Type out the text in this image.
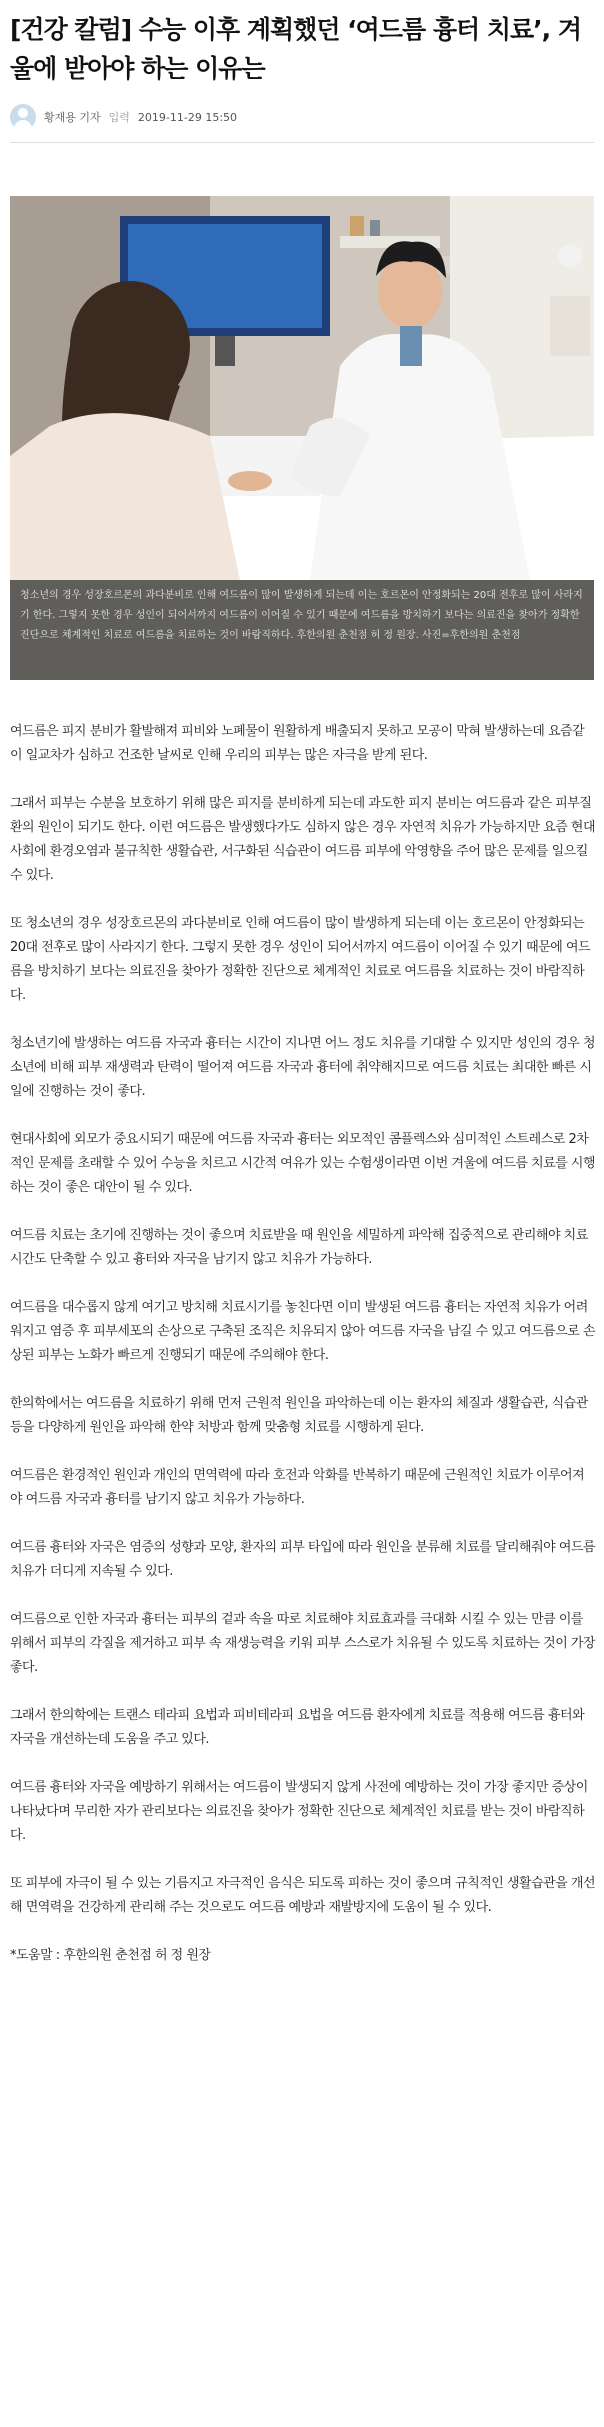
[건강 칼럼] 수능 이후 계획했던 ‘여드름 흉터 치료’, 겨울에 받아야 하는 이유는
황재용 기자 입력 2019-11-29 15:50
청소년의 경우 성장호르몬의 과다분비로 인해 여드름이 많이 발생하게 되는데 이는 호르몬이 안정화되는 20대 전후로 많이 사라지기 한다. 그렇지 못한 경우 성인이 되어서까지 여드름이 이어질 수 있기 때문에 여드름을 방치하기 보다는 의료진을 찾아가 정확한 진단으로 체계적인 치료로 여드름을 치료하는 것이 바람직하다. 후한의원 춘천점 허 정 원장. 사진=후한의원 춘천점

여드름은 피지 분비가 활발해져 피비와 노폐물이 원활하게 배출되지 못하고 모공이 막혀 발생하는데 요즘같이 일교차가 심하고 건조한 날씨로 인해 우리의 피부는 많은 자극을 받게 된다.

그래서 피부는 수분을 보호하기 위해 많은 피지를 분비하게 되는데 과도한 피지 분비는 여드름과 같은 피부질환의 원인이 되기도 한다. 이런 여드름은 발생했다가도 심하지 않은 경우 자연적 치유가 가능하지만 요즘 현대사회에 환경오염과 불규칙한 생활습관, 서구화된 식습관이 여드름 피부에 악영향을 주어 많은 문제를 일으킬 수 있다.

또 청소년의 경우 성장호르몬의 과다분비로 인해 여드름이 많이 발생하게 되는데 이는 호르몬이 안정화되는 20대 전후로 많이 사라지기 한다. 그렇지 못한 경우 성인이 되어서까지 여드름이 이어질 수 있기 때문에 여드름을 방치하기 보다는 의료진을 찾아가 정확한 진단으로 체계적인 치료로 여드름을 치료하는 것이 바람직하다.

청소년기에 발생하는 여드름 자국과 흉터는 시간이 지나면 어느 정도 치유를 기대할 수 있지만 성인의 경우 청소년에 비해 피부 재생력과 탄력이 떨어져 여드름 자국과 흉터에 취약해지므로 여드름 치료는 최대한 빠른 시일에 진행하는 것이 좋다.

현대사회에 외모가 중요시되기 때문에 여드름 자국과 흉터는 외모적인 콤플렉스와 심미적인 스트레스로 2차 적인 문제를 초래할 수 있어 수능을 치르고 시간적 여유가 있는 수험생이라면 이번 겨울에 여드름 치료를 시행하는 것이 좋은 대안이 될 수 있다.

여드름 치료는 초기에 진행하는 것이 좋으며 치료받을 때 원인을 세밀하게 파악해 집중적으로 관리해야 치료시간도 단축할 수 있고 흉터와 자국을 남기지 않고 치유가 가능하다.

여드름을 대수롭지 않게 여기고 방치해 치료시기를 놓친다면 이미 발생된 여드름 흉터는 자연적 치유가 어려워지고 염증 후 피부세포의 손상으로 구축된 조직은 치유되지 않아 여드름 자국을 남길 수 있고 여드름으로 손상된 피부는 노화가 빠르게 진행되기 때문에 주의해야 한다.

한의학에서는 여드름을 치료하기 위해 먼저 근원적 원인을 파악하는데 이는 환자의 체질과 생활습관, 식습관 등을 다양하게 원인을 파악해 한약 처방과 함께 맞춤형 치료를 시행하게 된다.

여드름은 환경적인 원인과 개인의 면역력에 따라 호전과 악화를 반복하기 때문에 근원적인 치료가 이루어져야 여드름 자국과 흉터를 남기지 않고 치유가 가능하다.

여드름 흉터와 자국은 염증의 성향과 모양, 환자의 피부 타입에 따라 원인을 분류해 치료를 달리해줘야 여드름 치유가 더디게 지속될 수 있다.

여드름으로 인한 자국과 흉터는 피부의 겉과 속을 따로 치료해야 치료효과를 극대화 시킬 수 있는 만큼 이를 위해서 피부의 각질을 제거하고 피부 속 재생능력을 키워 피부 스스로가 치유될 수 있도록 치료하는 것이 가장 좋다.

그래서 한의학에는 트랜스 테라피 요법과 피비테라피 요법을 여드름 환자에게 치료를 적용해 여드름 흉터와 자국을 개선하는데 도움을 주고 있다.

여드름 흉터와 자국을 예방하기 위해서는 여드름이 발생되지 않게 사전에 예방하는 것이 가장 좋지만 증상이 나타났다며 무리한 자가 관리보다는 의료진을 찾아가 정확한 진단으로 체계적인 치료를 받는 것이 바람직하다.

또 피부에 자극이 될 수 있는 기름지고 자극적인 음식은 되도록 피하는 것이 좋으며 규칙적인 생활습관을 개선해 면역력을 건강하게 관리해 주는 것으로도 여드름 예방과 재발방지에 도움이 될 수 있다.

*도움말 : 후한의원 춘천점 허 정 원장
